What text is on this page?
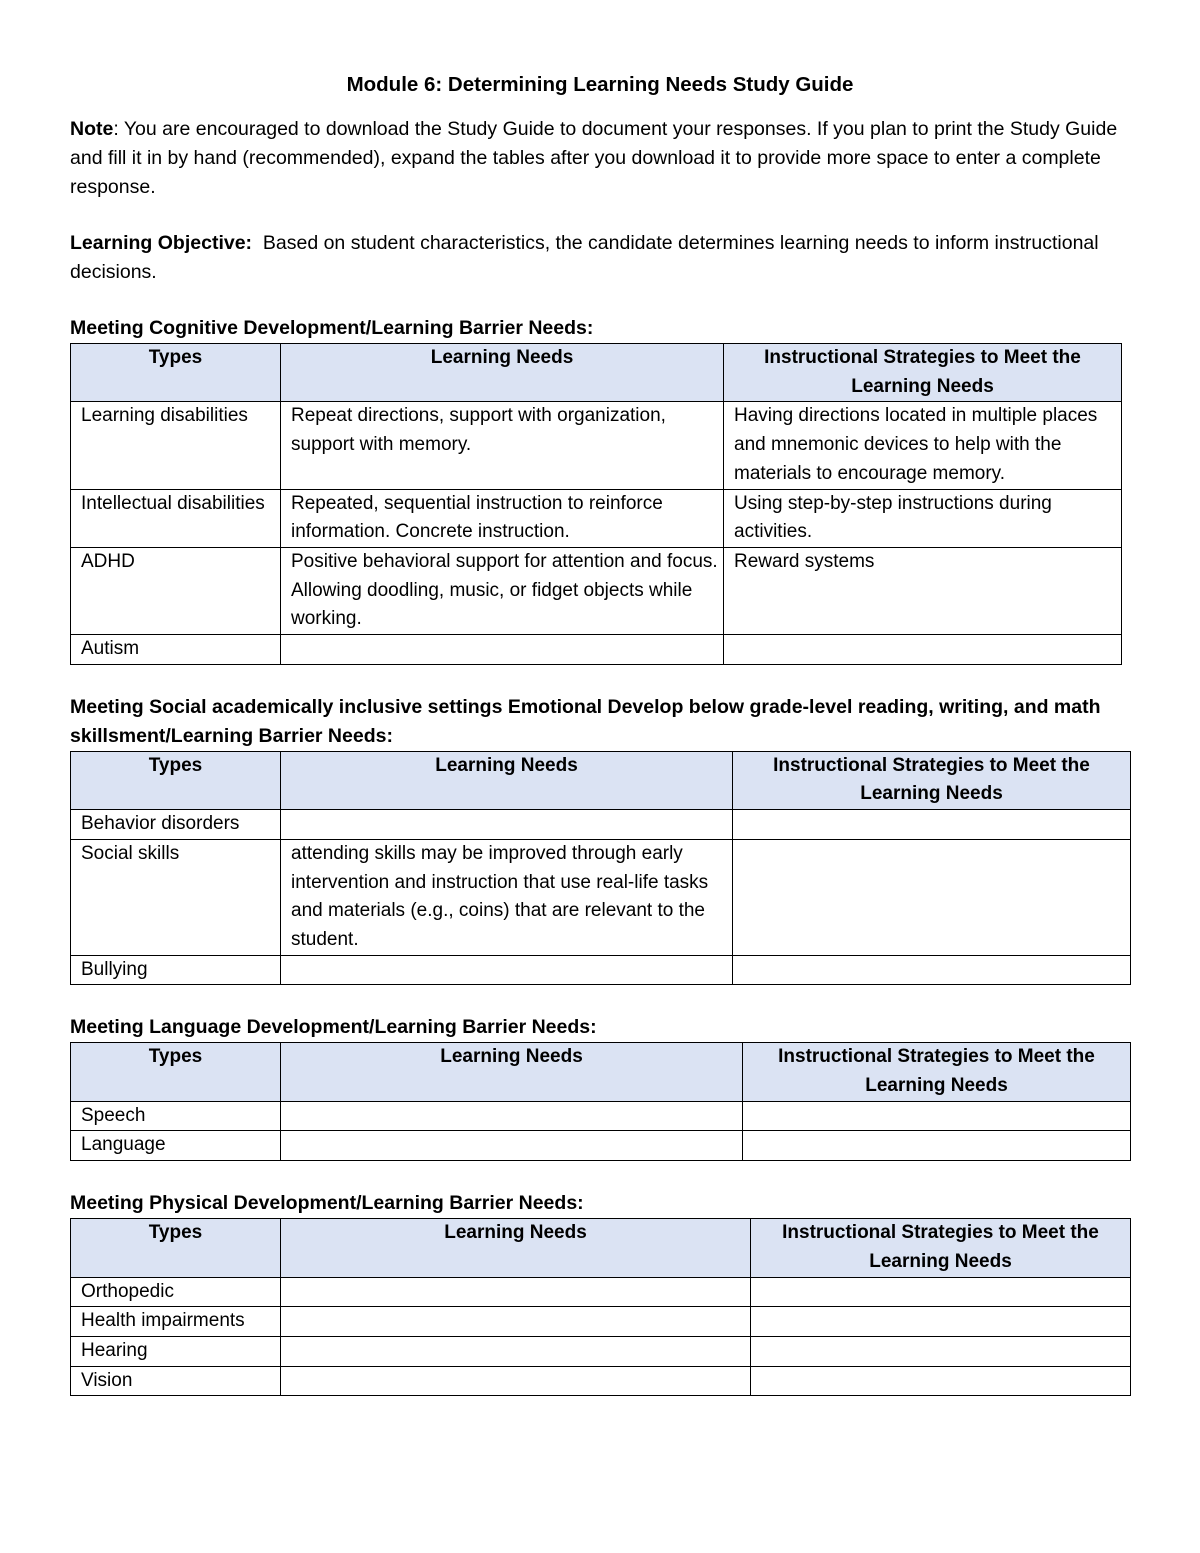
Module 6: Determining Learning Needs Study Guide

Note: You are encouraged to download the Study Guide to document your responses. If you plan to print the Study Guide and fill it in by hand (recommended), expand the tables after you download it to provide more space to enter a complete response.

Learning Objective:  Based on student characteristics, the candidate determines learning needs to inform instructional decisions.

Meeting Cognitive Development/Learning Barrier Needs:
Types	Learning Needs	Instructional Strategies to Meet the Learning Needs
Learning disabilities	Repeat directions, support with organization, support with memory.	Having directions located in multiple places and mnemonic devices to help with the materials to encourage memory.
Intellectual disabilities	Repeated, sequential instruction to reinforce information. Concrete instruction.	Using step-by-step instructions during activities.
ADHD	Positive behavioral support for attention and focus. Allowing doodling, music, or fidget objects while working.	Reward systems
Autism		
Meeting Social academically inclusive settings Emotional Develop below grade-level reading, writing, and math skillsment/Learning Barrier Needs:
Types	Learning Needs	Instructional Strategies to Meet the Learning Needs
Behavior disorders		
Social skills	attending skills may be improved through early intervention and instruction that use real-life tasks and materials (e.g., coins) that are relevant to the student.	
Bullying		
Meeting Language Development/Learning Barrier Needs:
Types	Learning Needs	Instructional Strategies to Meet the Learning Needs
Speech		
Language		
Meeting Physical Development/Learning Barrier Needs:
Types	Learning Needs	Instructional Strategies to Meet the Learning Needs
Orthopedic		
Health impairments		
Hearing		
Vision		
